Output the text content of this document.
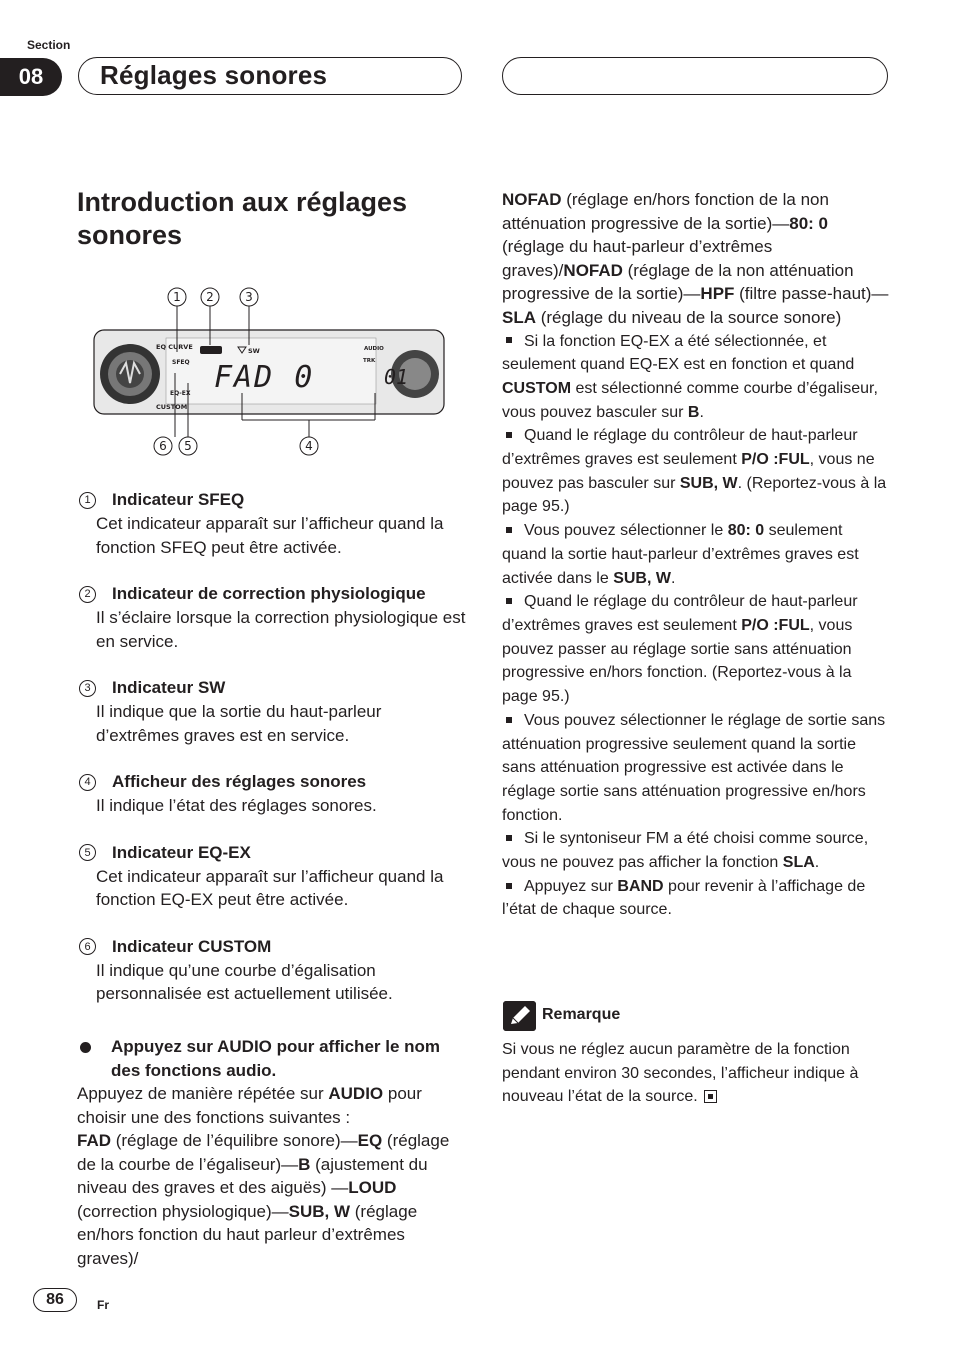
Section
08	Réglages sonores
Introduction aux réglages sonores
1 2	3
6 5	4
EQ CURVE
SFEQ
EQ-EX
CUSTOM
SW	AUDIO
TRK
FAD 0	01
1	Indicateur SFEQ
Cet indicateur apparaît sur l’afficheur quand la fonction SFEQ peut être activée.
2	Indicateur de correction physiologique
Il s’éclaire lorsque la correction physiologique est en service.
3	Indicateur SW
Il indique que la sortie du haut-parleur d’extrêmes graves est en service.
4	Afficheur des réglages sonores
Il indique l’état des réglages sonores.
5	Indicateur EQ-EX
Cet indicateur apparaît sur l’afficheur quand la fonction EQ-EX peut être activée.
6	Indicateur CUSTOM
Il indique qu’une courbe d’égalisation personnalisée est actuellement utilisée.
Appuyez sur AUDIO pour afficher le nom des fonctions audio.
Appuyez de manière répétée sur AUDIO pour choisir une des fonctions suivantes :
FAD (réglage de l’équilibre sonore)—EQ (réglage de la courbe de l’égaliseur)—B (ajustement du niveau des graves et des aiguës) —LOUD (correction physiologique)—SUB, W (réglage en/hors fonction du haut parleur d’extrêmes graves)/
NOFAD (réglage en/hors fonction de la non atténuation progressive de la sortie)—80: 0 (réglage du haut-parleur d’extrêmes graves)/NOFAD (réglage de la non atténuation progressive de la sortie)—HPF (filtre passe-haut)—SLA (réglage du niveau de la source sonore)
Si la fonction EQ-EX a été sélectionnée, et seulement quand EQ-EX est en fonction et quand CUSTOM est sélectionné comme courbe d’égaliseur, vous pouvez basculer sur B.
Quand le réglage du contrôleur de haut-parleur d’extrêmes graves est seulement P/O :FUL, vous ne pouvez pas basculer sur SUB, W. (Reportez-vous à la page 95.)
Vous pouvez sélectionner le 80: 0 seulement quand la sortie haut-parleur d’extrêmes graves est activée dans le SUB, W.
Quand le réglage du contrôleur de haut-parleur d’extrêmes graves est seulement P/O :FUL, vous pouvez passer au réglage sortie sans atténuation progressive en/hors fonction. (Reportez-vous à la page 95.)
Vous pouvez sélectionner le réglage de sortie sans atténuation progressive seulement quand la sortie sans atténuation progressive est activée dans le réglage sortie sans atténuation progressive en/hors fonction.
Si le syntoniseur FM a été choisi comme source, vous ne pouvez pas afficher la fonction SLA.
Appuyez sur BAND pour revenir à l’affichage de l’état de chaque source.
Remarque
Si vous ne réglez aucun paramètre de la fonction pendant environ 30 secondes, l’afficheur indique à nouveau l’état de la source.
86	Fr
